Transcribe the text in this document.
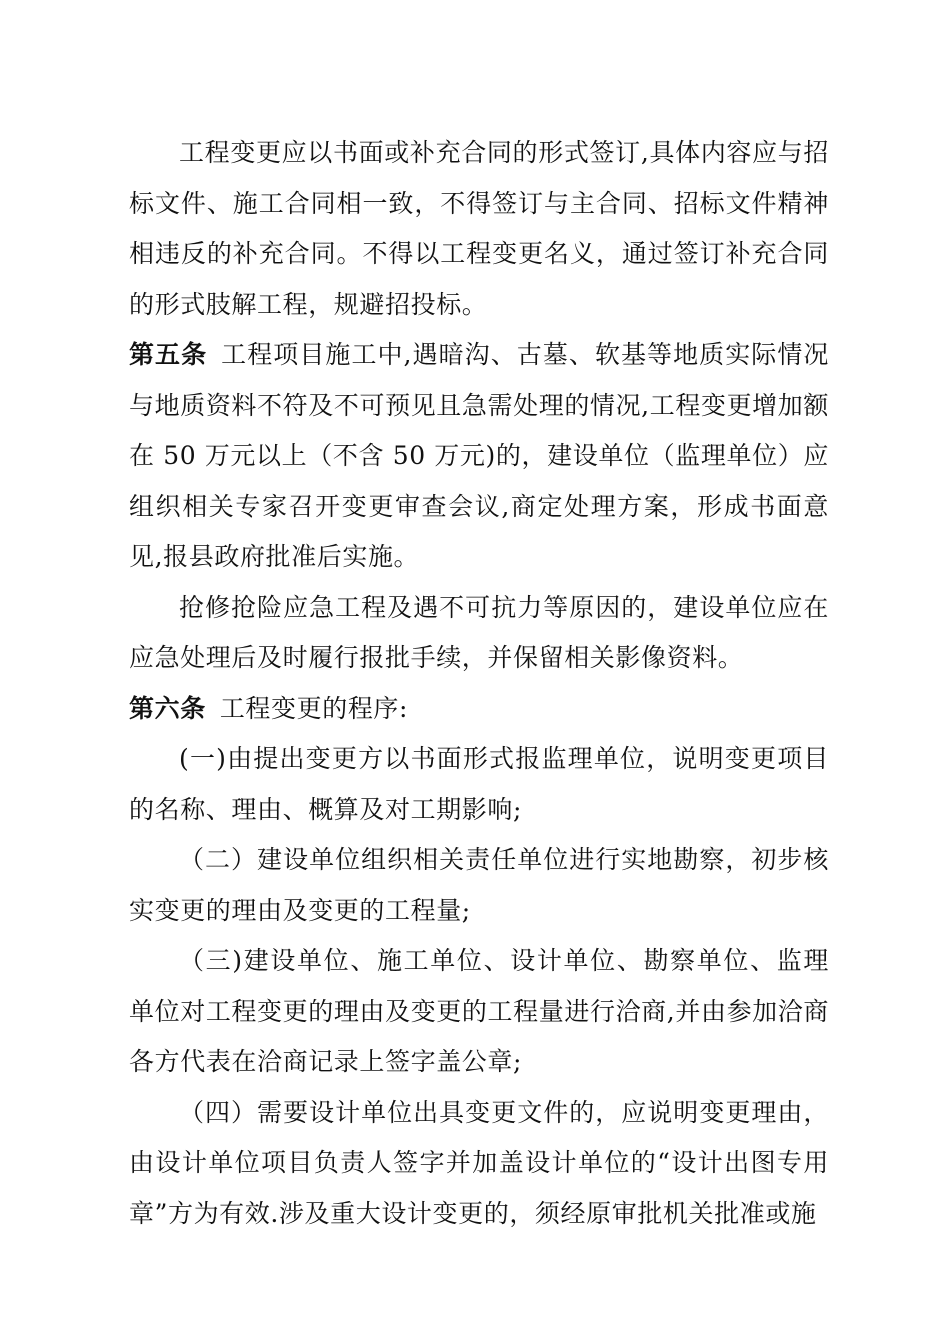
工程变更应以书面或补充合同的形式签订,具体内容应与招标文件、施工合同相一致，不得签订与主合同、招标文件精神相违反的补充合同。不得以工程变更名义，通过签订补充合同的形式肢解工程，规避招投标。

第五条 工程项目施工中,遇暗沟、古墓、软基等地质实际情况与地质资料不符及不可预见且急需处理的情况,工程变更增加额在 50 万元以上（不含 50 万元)的，建设单位（监理单位）应组织相关专家召开变更审查会议,商定处理方案，形成书面意见,报县政府批准后实施。

抢修抢险应急工程及遇不可抗力等原因的，建设单位应在应急处理后及时履行报批手续，并保留相关影像资料。

第六条 工程变更的程序:

(一)由提出变更方以书面形式报监理单位，说明变更项目的名称、理由、概算及对工期影响;

（二）建设单位组织相关责任单位进行实地勘察，初步核实变更的理由及变更的工程量;

（三)建设单位、施工单位、设计单位、勘察单位、监理单位对工程变更的理由及变更的工程量进行洽商,并由参加洽商各方代表在洽商记录上签字盖公章;

（四）需要设计单位出具变更文件的，应说明变更理由，由设计单位项目负责人签字并加盖设计单位的“设计出图专用章”方为有效.涉及重大设计变更的，须经原审批机关批准或施
